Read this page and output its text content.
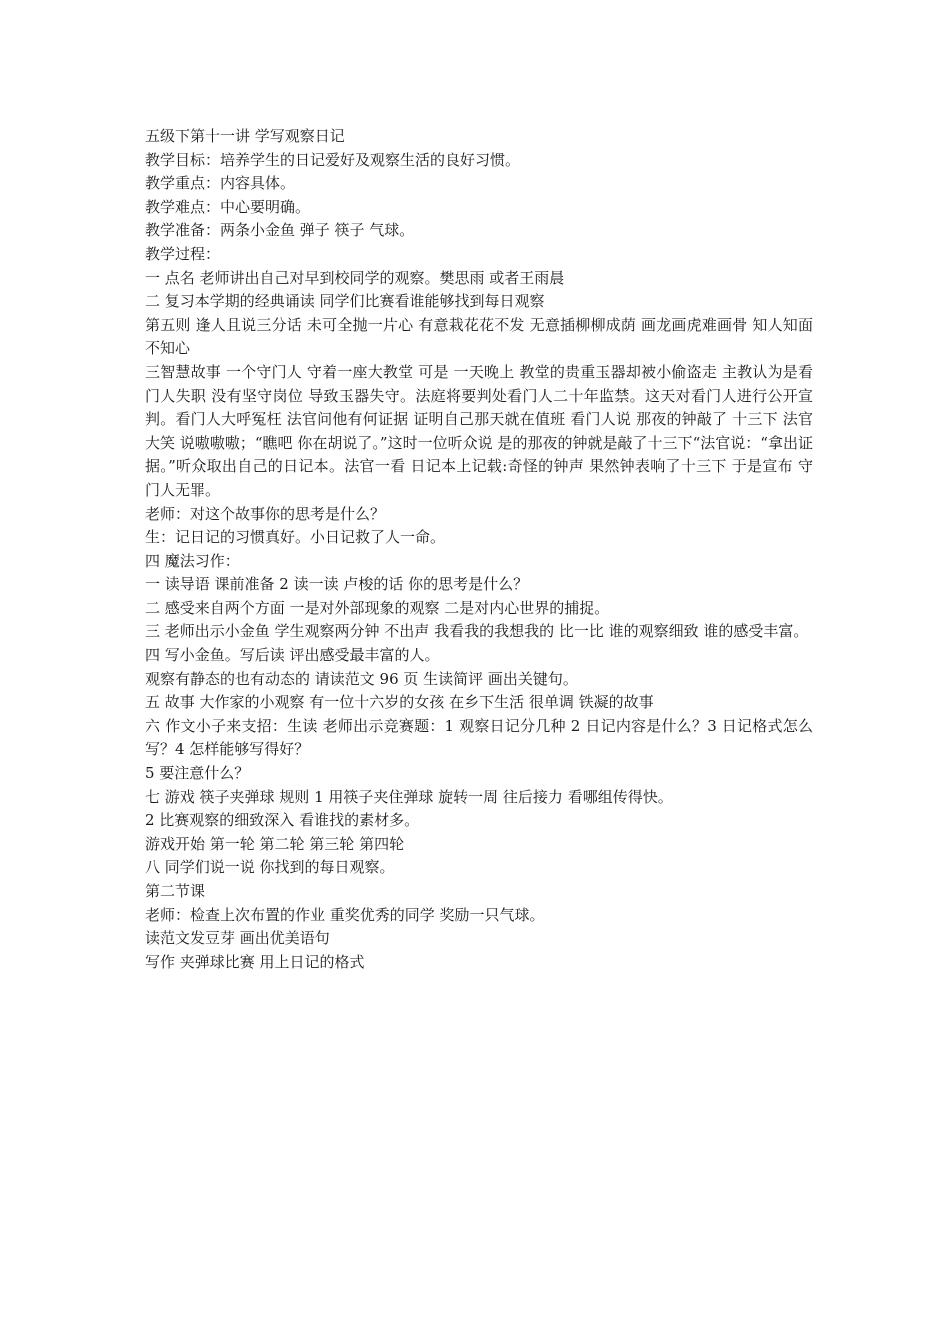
五级下第十一讲 学写观察日记

教学目标：培养学生的日记爱好及观察生活的良好习惯。

教学重点：内容具体。

教学难点：中心要明确。

教学准备：两条小金鱼 弹子 筷子 气球。

教学过程：

一 点名 老师讲出自己对早到校同学的观察。樊思雨 或者王雨晨

二 复习本学期的经典诵读 同学们比赛看谁能够找到每日观察

第五则 逢人且说三分话 未可全抛一片心 有意栽花花不发 无意插柳柳成荫 画龙画虎难画骨 知人知面不知心

三智慧故事 一个守门人 守着一座大教堂 可是 一天晚上 教堂的贵重玉器却被小偷盗走 主教认为是看门人失职 没有坚守岗位 导致玉器失守。法庭将要判处看门人二十年监禁。这天对看门人进行公开宣判。看门人大呼冤枉 法官问他有何证据 证明自己那天就在值班 看门人说 那夜的钟敲了 十三下 法官大笑 说嗷嗷嗷；“瞧吧 你在胡说了。”这时一位听众说 是的那夜的钟就是敲了十三下“法官说：“拿出证据。”听众取出自己的日记本。法官一看 日记本上记载:奇怪的钟声 果然钟表响了十三下 于是宣布 守门人无罪。

老师：对这个故事你的思考是什么？

生：记日记的习惯真好。小日记救了人一命。

四 魔法习作：

一 读导语 课前准备 2 读一读 卢梭的话 你的思考是什么？

二 感受来自两个方面 一是对外部现象的观察 二是对内心世界的捕捉。

三 老师出示小金鱼 学生观察两分钟 不出声 我看我的我想我的 比一比 谁的观察细致 谁的感受丰富。

四 写小金鱼。写后读 评出感受最丰富的人。

观察有静态的也有动态的 请读范文 96 页 生读简评 画出关键句。

五 故事 大作家的小观察 有一位十六岁的女孩 在乡下生活 很单调 铁凝的故事

六 作文小子来支招：生读 老师出示竞赛题：1 观察日记分几种 2 日记内容是什么？3 日记格式怎么写？4 怎样能够写得好？

5 要注意什么？

七 游戏 筷子夹弹球 规则 1 用筷子夹住弹球 旋转一周 往后接力 看哪组传得快。

2 比赛观察的细致深入 看谁找的素材多。

游戏开始 第一轮 第二轮 第三轮 第四轮

八 同学们说一说 你找到的每日观察。

第二节课

老师：检查上次布置的作业 重奖优秀的同学 奖励一只气球。

读范文发豆芽 画出优美语句

写作 夹弹球比赛 用上日记的格式
